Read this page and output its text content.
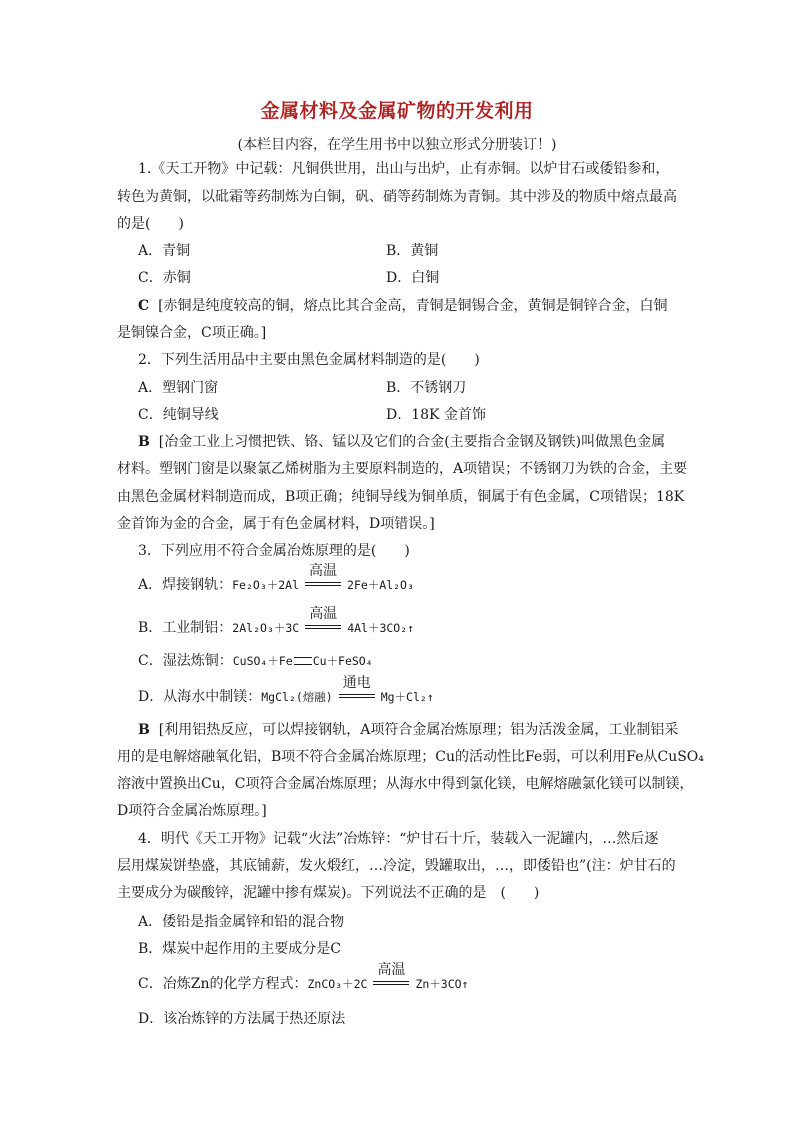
金属材料及金属矿物的开发利用
(本栏目内容，在学生用书中以独立形式分册装订！)
1.《天工开物》中记载：凡铜供世用，出山与出炉，止有赤铜。以炉甘石或倭铅参和，
转色为黄铜，以砒霜等药制炼为白铜，矾、硝等药制炼为青铜。其中涉及的物质中熔点最高
的是(　　)
A．青铜	B．黄铜
C．赤铜	D．白铜
C [赤铜是纯度较高的铜，熔点比其合金高，青铜是铜锡合金，黄铜是铜锌合金，白铜
是铜镍合金，C项正确。]
2．下列生活用品中主要由黑色金属材料制造的是(　　)
A．塑钢门窗	B．不锈钢刀
C．纯铜导线	D．18K 金首饰
B [冶金工业上习惯把铁、铬、锰以及它们的合金(主要指合金钢及钢铁)叫做黑色金属
材料。塑钢门窗是以聚氯乙烯树脂为主要原料制造的，A项错误；不锈钢刀为铁的合金，主要
由黑色金属材料制造而成，B项正确；纯铜导线为铜单质，铜属于有色金属，C项错误；18K
金首饰为金的合金，属于有色金属材料，D项错误。]
3．下列应用不符合金属冶炼原理的是(　　)
A．焊接钢轨：Fe₂O₃＋2Al
高温
2Fe＋Al₂O₃
B．工业制铝：2Al₂O₃＋3C
高温
4Al＋3CO₂↑
C．湿法炼铜：CuSO₄＋Fe Cu＋FeSO₄
D．从海水中制镁：MgCl₂(熔融)
通电
Mg＋Cl₂↑
B [利用铝热反应，可以焊接钢轨，A项符合金属冶炼原理；铝为活泼金属，工业制铝采
用的是电解熔融氧化铝，B项不符合金属冶炼原理；Cu的活动性比Fe弱，可以利用Fe从CuSO₄
溶液中置换出Cu，C项符合金属冶炼原理；从海水中得到氯化镁，电解熔融氯化镁可以制镁，
D项符合金属冶炼原理。]
4．明代《天工开物》记载“火法”冶炼锌：“炉甘石十斤，装载入一泥罐内，…然后逐
层用煤炭饼垫盛，其底铺薪，发火煅红，…冷淀，毁罐取出，…，即倭铅也”(注：炉甘石的
主要成分为碳酸锌，泥罐中掺有煤炭)。下列说法不正确的是　(　　)
A．倭铅是指金属锌和铅的混合物
B．煤炭中起作用的主要成分是C
C．冶炼Zn的化学方程式：ZnCO₃＋2C
高温
Zn＋3CO↑
D．该冶炼锌的方法属于热还原法
